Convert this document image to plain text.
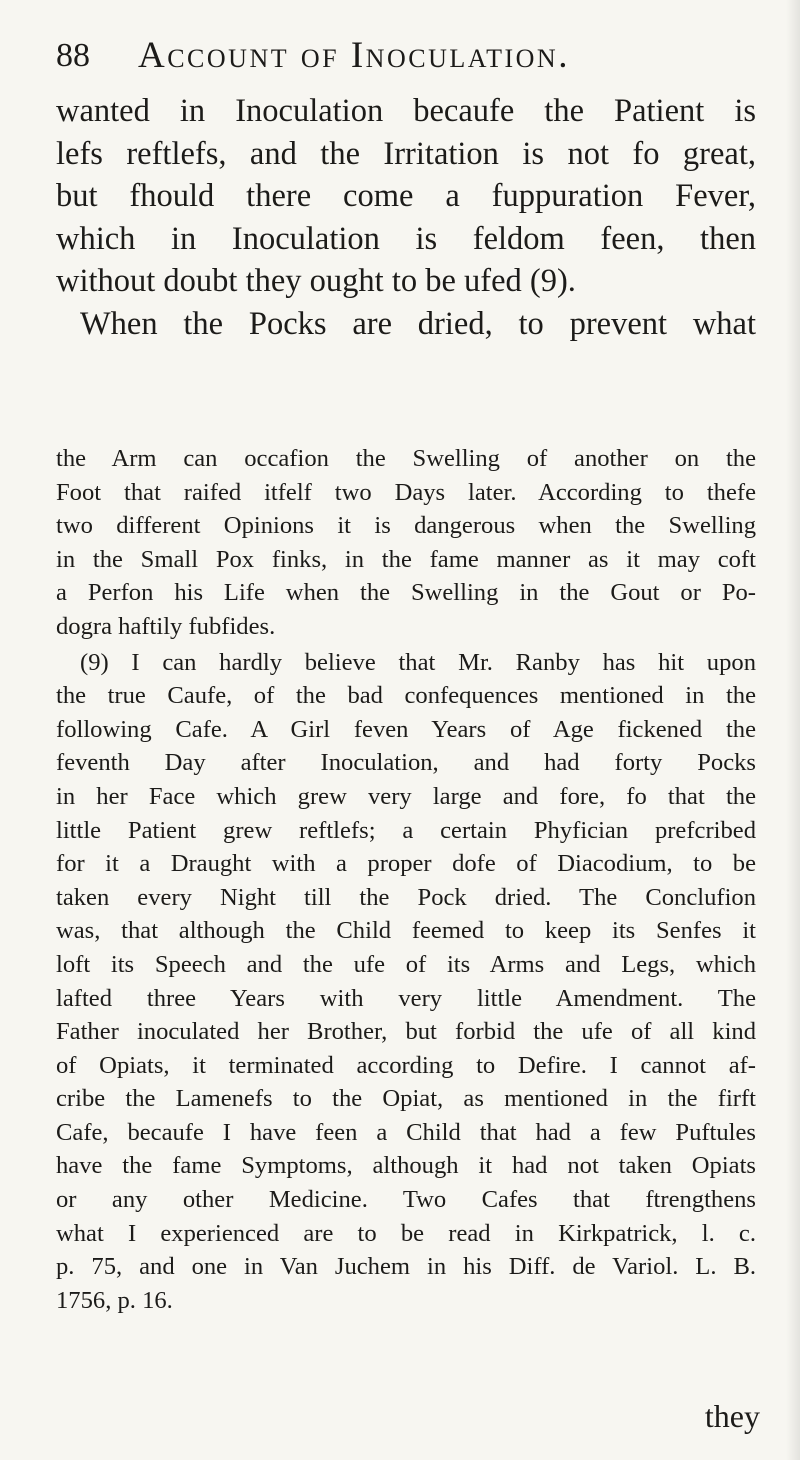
88 Account of Inoculation.
wanted in Inoculation becaufe the Patient is
lefs reftlefs, and the Irritation is not fo great,
but fhould there come a fuppuration Fever,
which in Inoculation is feldom feen, then
without doubt they ought to be ufed (9).
When the Pocks are dried, to prevent what
the Arm can occafion the Swelling of another on the
Foot that raifed itfelf two Days later. According to thefe
two different Opinions it is dangerous when the Swelling
in the Small Pox finks, in the fame manner as it may coft
a Perfon his Life when the Swelling in the Gout or Po-
dogra haftily fubfides.
(9) I can hardly believe that Mr. Ranby has hit upon
the true Caufe, of the bad confequences mentioned in the
following Cafe. A Girl feven Years of Age fickened the
feventh Day after Inoculation, and had forty Pocks
in her Face which grew very large and fore, fo that the
little Patient grew reftlefs; a certain Phyfician prefcribed
for it a Draught with a proper dofe of Diacodium, to be
taken every Night till the Pock dried. The Conclufion
was, that although the Child feemed to keep its Senfes it
loft its Speech and the ufe of its Arms and Legs, which
lafted three Years with very little Amendment. The
Father inoculated her Brother, but forbid the ufe of all kind
of Opiats, it terminated according to Defire. I cannot af-
cribe the Lamenefs to the Opiat, as mentioned in the firft
Cafe, becaufe I have feen a Child that had a few Puftules
have the fame Symptoms, although it had not taken Opiats
or any other Medicine. Two Cafes that ftrengthens
what I experienced are to be read in Kirkpatrick, l. c.
p. 75, and one in Van Juchem in his Diff. de Variol. L. B.
1756, p. 16.
they
